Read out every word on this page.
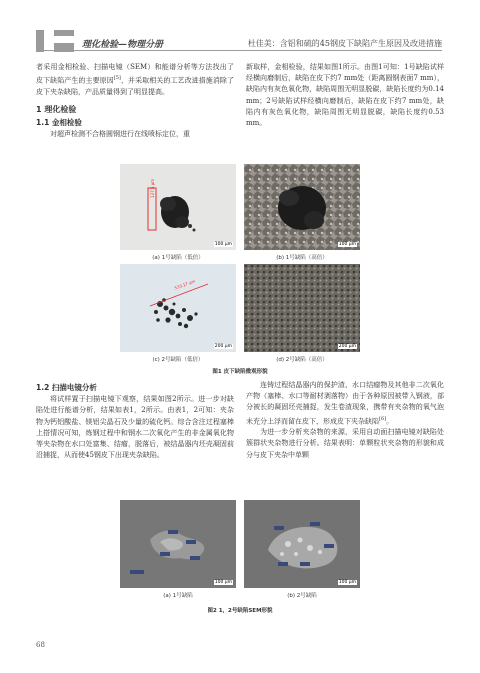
理化检验—物理分册	杜佳美：含铝和硫的45钢皮下缺陷产生原因及改进措施

者采用金相检验、扫描电镜（SEM）和能谱分析等方法找出了皮下缺陷产生的主要原因[5]，并采取相关的工艺改进措施消除了皮下夹杂缺陷，产品质量得到了明显提高。

1 理化检验
1.1 金相检验

对超声检测不合格圆钢进行在线喷标定位，重

新取样，金相检验，结果如图1所示。由图1可知：1号缺陷试样经横向磨制后，缺陷在皮下约7 mm处（距离圆钢表面7 mm），缺陷内有灰色氧化物，缺陷周围无明显脱碳，缺陷长度约为0.14 mm；2号缺陷试样经横向磨制后，缺陷在皮下约7 mm处，缺陷内有灰色氧化物，缺陷周围无明显脱碳，缺陷长度约0.53 mm。

100 μm
137.5 μm
100 μm
(a) 1号缺陷（低倍）	(b) 1号缺陷（高倍）
200 μm
533.17 μm
200 μm
(c) 2号缺陷（低倍）	(d) 2号缺陷（高倍）
图1 皮下缺陷微观形貌
1.2 扫描电镜分析

将试样置于扫描电镜下观察，结果如图2所示。进一步对缺陷处进行能谱分析，结果如表1，2所示。由表1，2可知：夹杂物为钙铝酸盐、镁铝尖晶石及少量的硫化钙。综合含注过程塞棒上搭情况可知，炼钢过程中和钢水二次氧化产生的非金属氧化物等夹杂物在水口处富集、结瘤，脱落后，被结晶器内坯壳凝固前沿捕捉，从而使45钢皮下出现夹杂缺陷。

连铸过程结晶器内的保护渣、水口结瘤物及其他非二次氧化产物（塞棒、水口等耐材剥落物）由于各种原因被带入钢液，部分被长的凝固坯壳捕捉，发生卷渣现象，携带有夹杂物的氧气泡未充分上浮而留在皮下，形成皮下夹杂缺陷[6]。

为进一步分析夹杂物的来源，采用自动面扫描电镜对缺陷处簇群状夹杂物进行分析。结果表明：单颗粒状夹杂物的形貌和成分与皮下夹杂中单颗

100 μm	100 μm
(a) 1号缺陷	(b) 2号缺陷
图2 1，2号缺陷SEM形貌
68
